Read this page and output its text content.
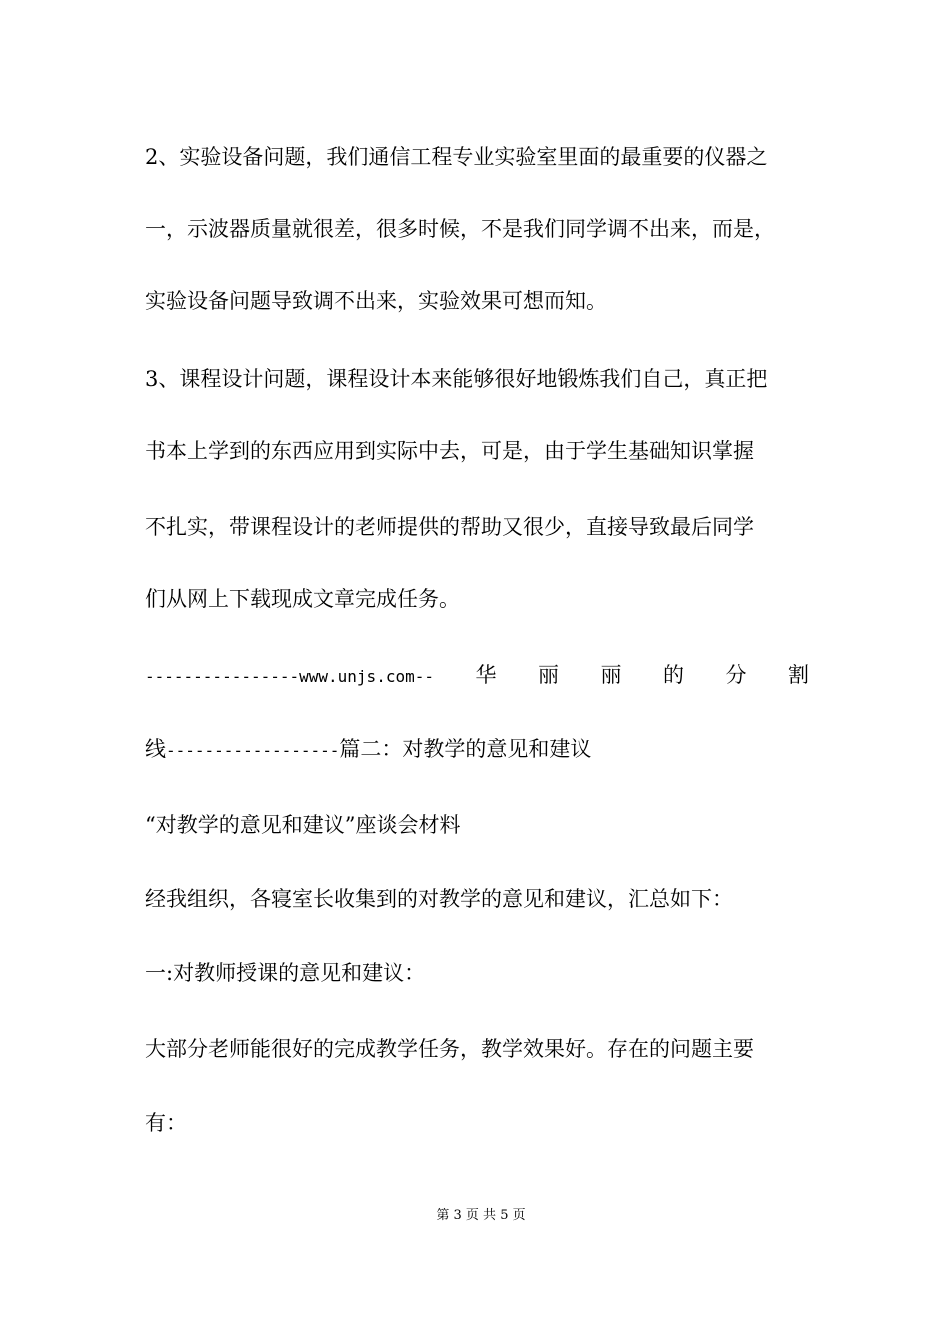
2、实验设备问题，我们通信工程专业实验室里面的最重要的仪器之
一，示波器质量就很差，很多时候，不是我们同学调不出来，而是，
实验设备问题导致调不出来，实验效果可想而知。
3、课程设计问题，课程设计本来能够很好地锻炼我们自己，真正把
书本上学到的东西应用到实际中去，可是，由于学生基础知识掌握
不扎实，带课程设计的老师提供的帮助又很少，直接导致最后同学
们从网上下载现成文章完成任务。
----------------www.unjs.com-- 华 丽 丽 的 分 割
线------------------篇二：对教学的意见和建议
“对教学的意见和建议”座谈会材料
经我组织，各寝室长收集到的对教学的意见和建议，汇总如下：
一:对教师授课的意见和建议：
大部分老师能很好的完成教学任务，教学效果好。存在的问题主要
有：
第 3 页 共 5 页
